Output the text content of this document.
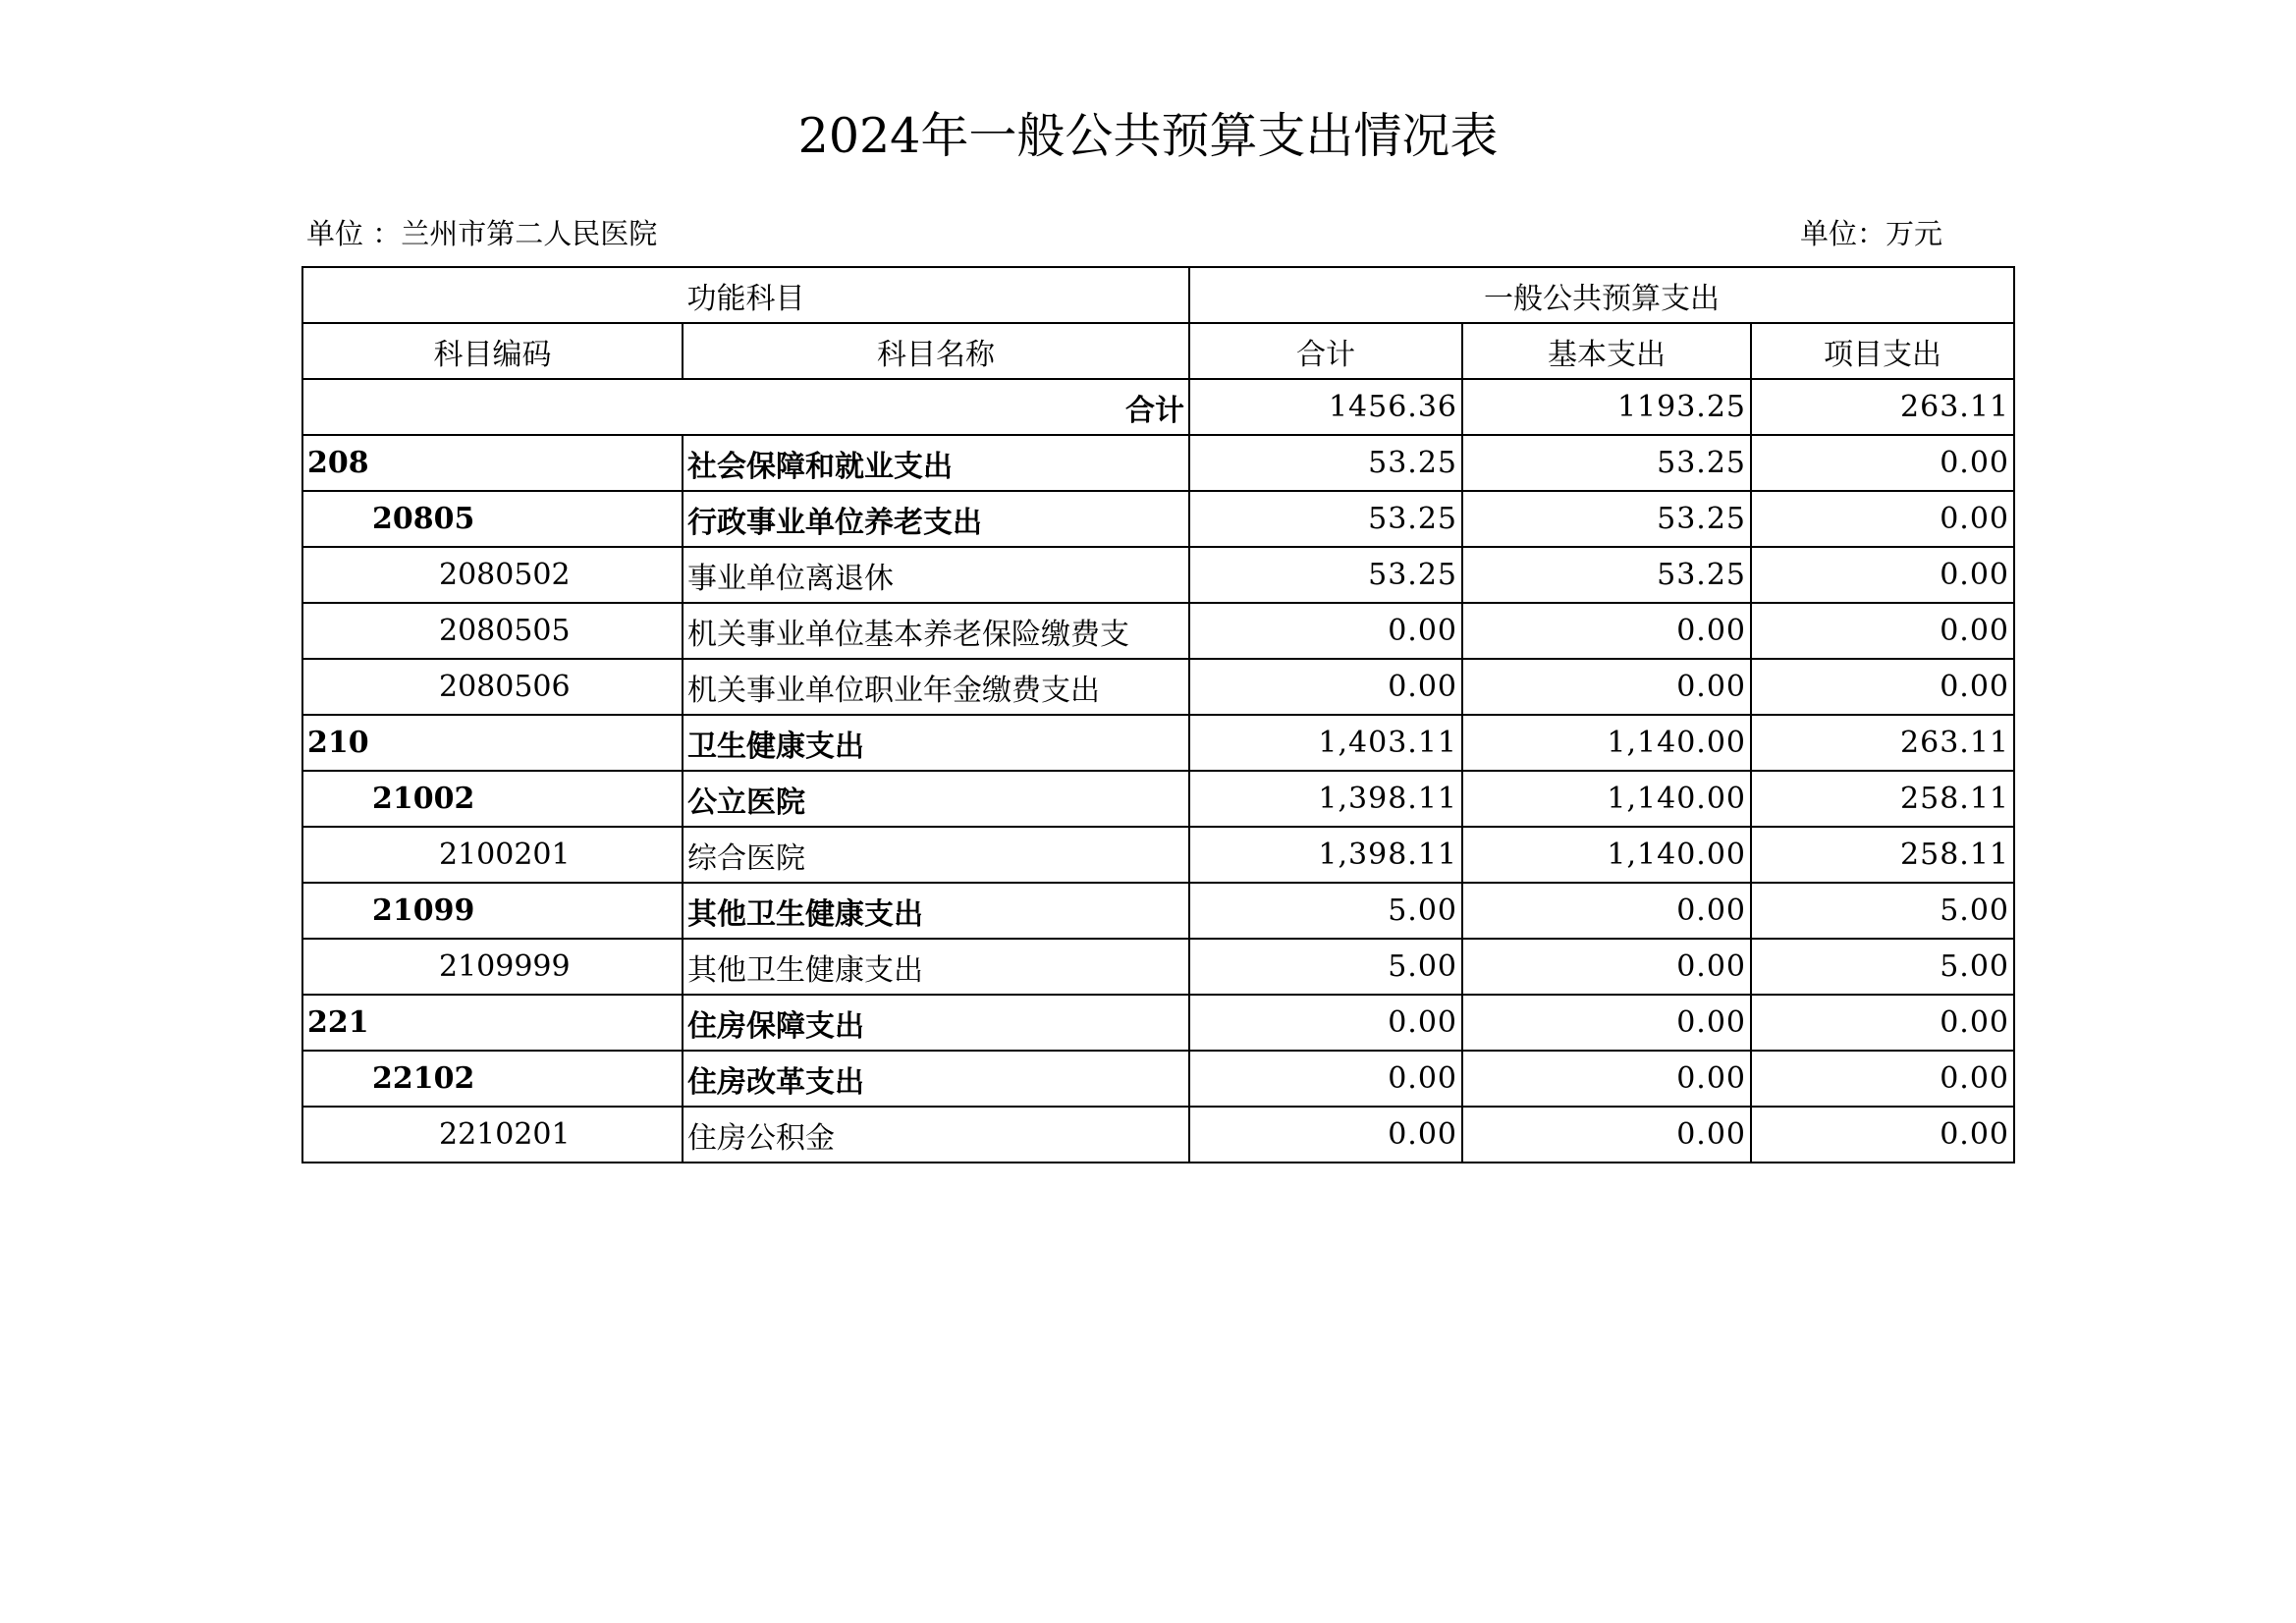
2024年一般公共预算支出情况表
单位 ：兰州市第二人民医院	单位：万元
功能科目		一般公共预算支出		
科目编码	科目名称	合计	基本支出	项目支出
合计		1456.36	1193.25	263.11
208	社会保障和就业支出	53.25	53.25	0.00
20805	行政事业单位养老支出	53.25	53.25	0.00
2080502	事业单位离退休	53.25	53.25	0.00
2080505	机关事业单位基本养老保险缴费支	0.00	0.00	0.00
2080506	机关事业单位职业年金缴费支出	0.00	0.00	0.00
210	卫生健康支出	1,403.11	1,140.00	263.11
21002	公立医院	1,398.11	1,140.00	258.11
2100201	综合医院	1,398.11	1,140.00	258.11
21099	其他卫生健康支出	5.00	0.00	5.00
2109999	其他卫生健康支出	5.00	0.00	5.00
221	住房保障支出	0.00	0.00	0.00
22102	住房改革支出	0.00	0.00	0.00
2210201	住房公积金	0.00	0.00	0.00
